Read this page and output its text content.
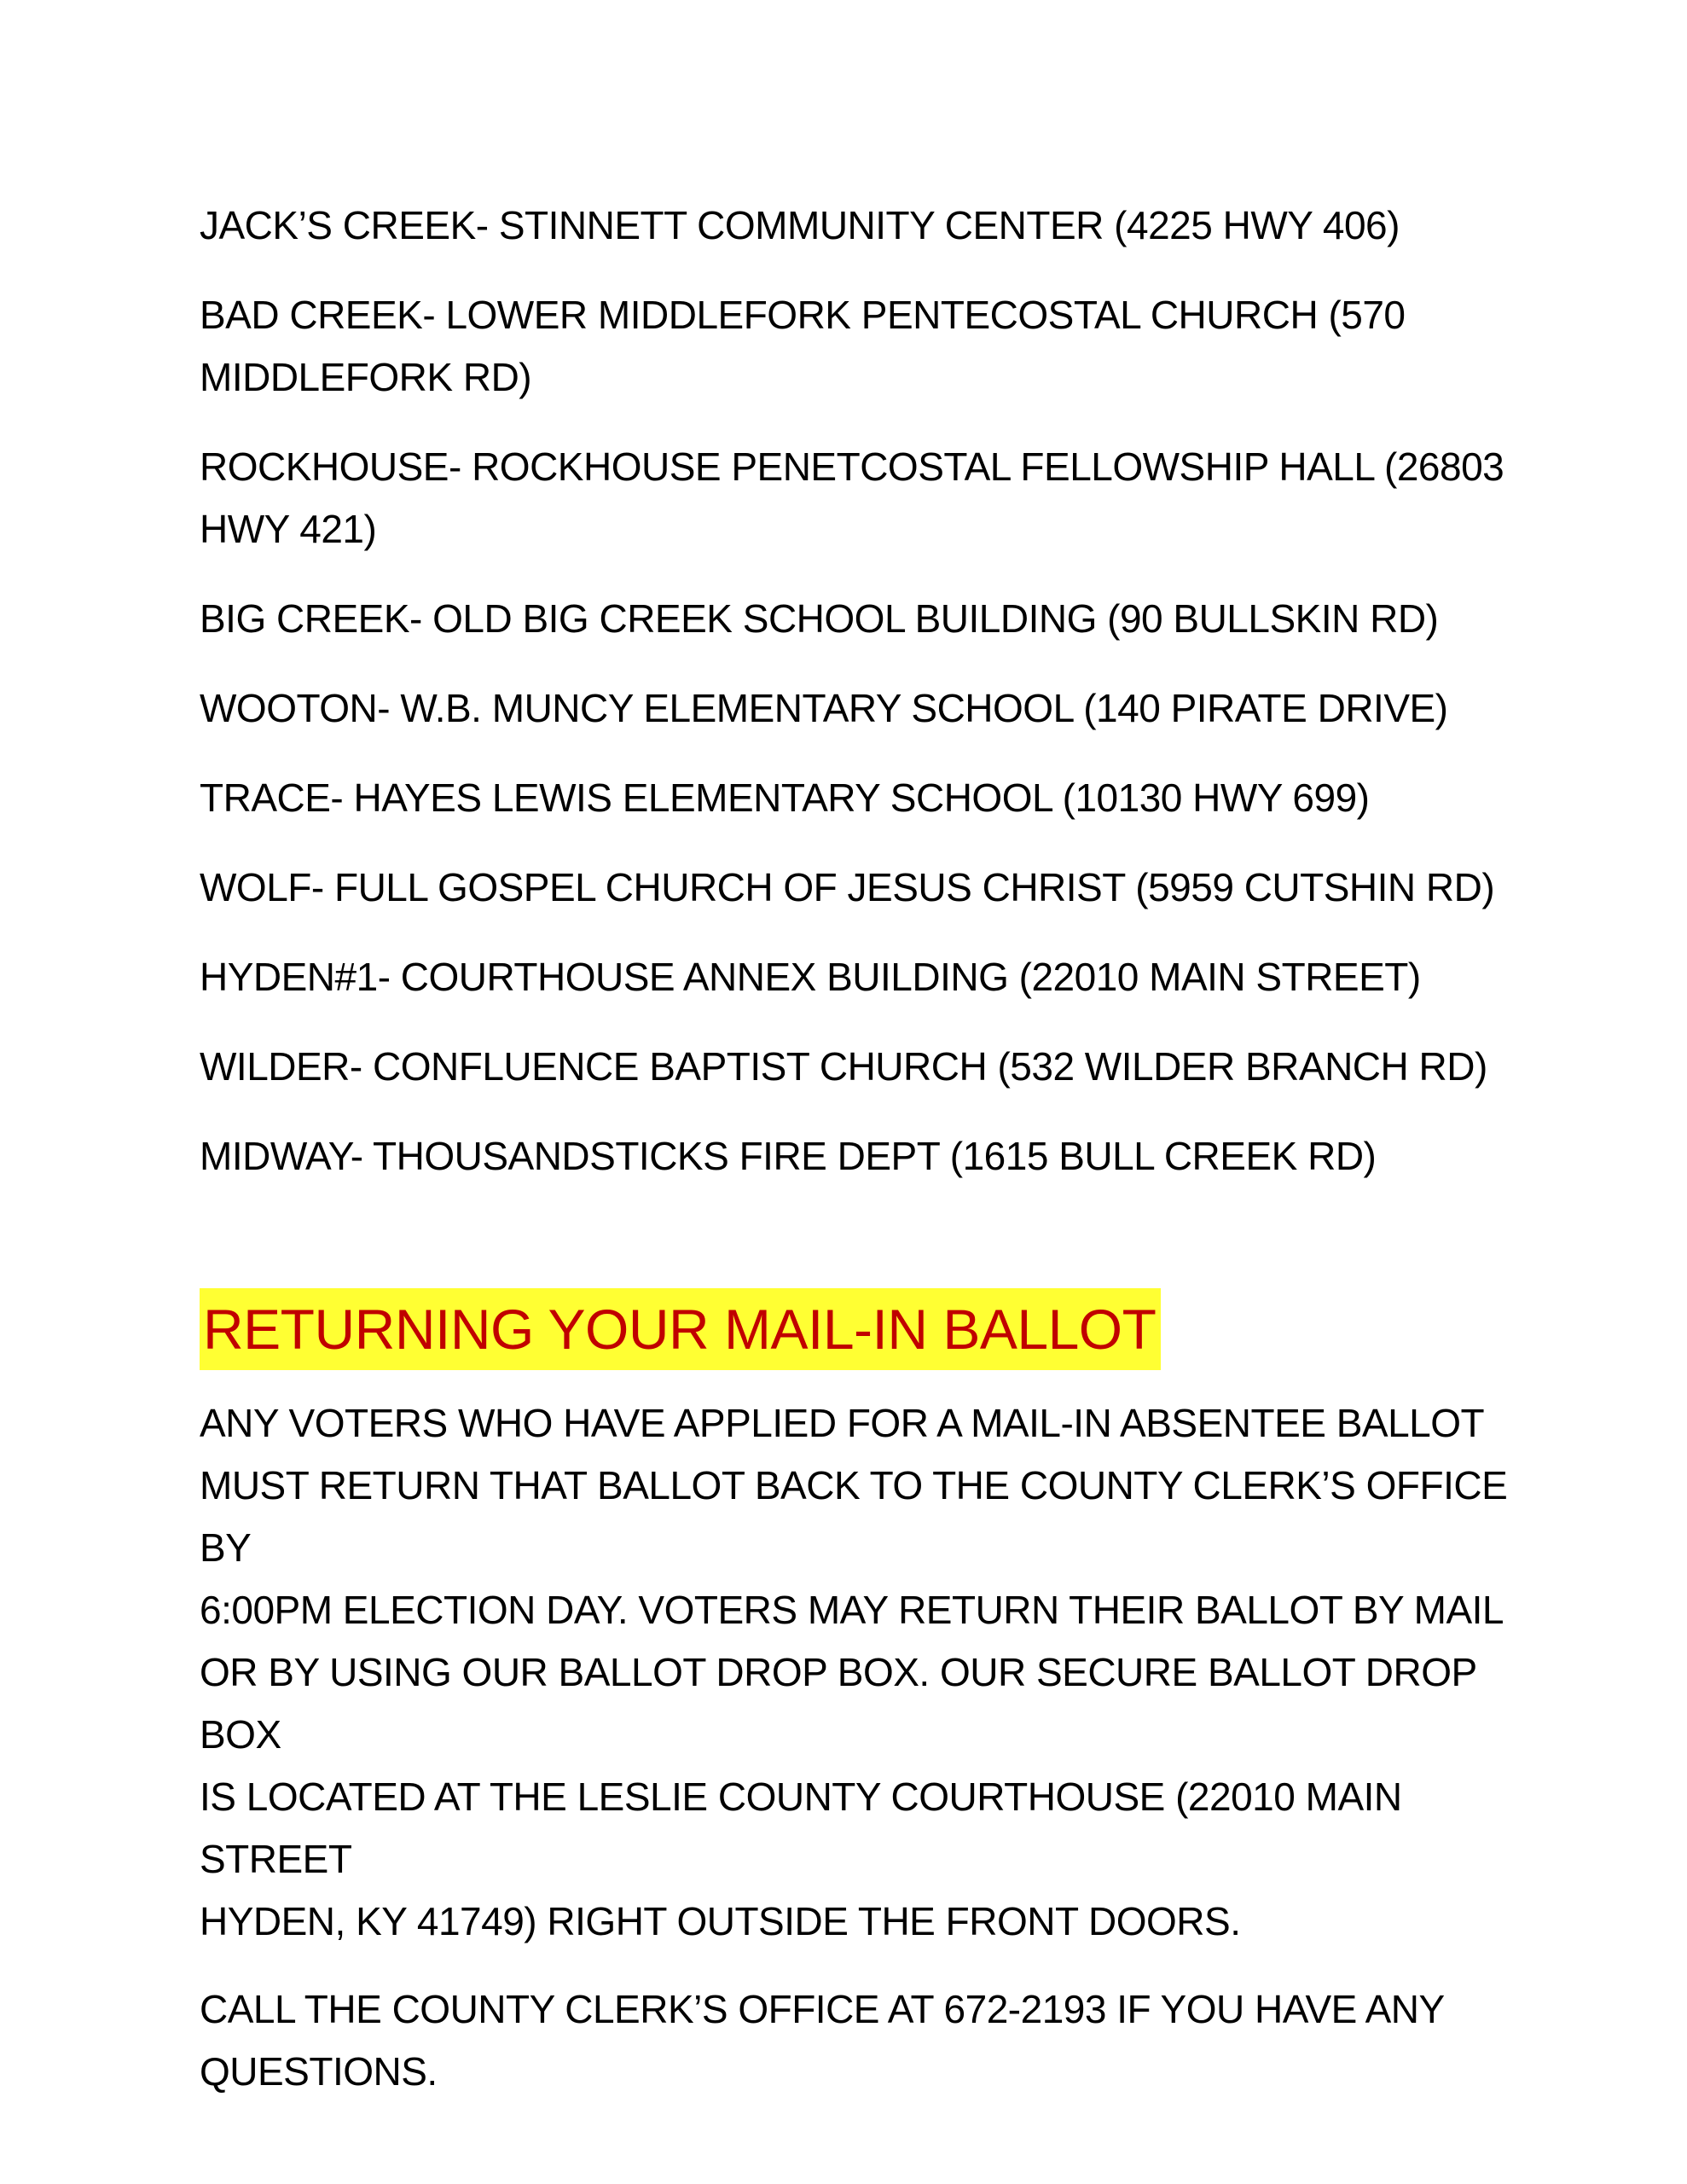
JACK’S CREEK- STINNETT COMMUNITY CENTER (4225 HWY 406)

BAD CREEK- LOWER MIDDLEFORK PENTECOSTAL CHURCH (570
MIDDLEFORK RD)

ROCKHOUSE- ROCKHOUSE PENETCOSTAL FELLOWSHIP HALL (26803
HWY 421)

BIG CREEK- OLD BIG CREEK SCHOOL BUILDING (90 BULLSKIN RD)

WOOTON- W.B. MUNCY ELEMENTARY SCHOOL (140 PIRATE DRIVE)

TRACE- HAYES LEWIS ELEMENTARY SCHOOL (10130 HWY 699)

WOLF- FULL GOSPEL CHURCH OF JESUS CHRIST (5959 CUTSHIN RD)

HYDEN#1- COURTHOUSE ANNEX BUILDING (22010 MAIN STREET)

WILDER- CONFLUENCE BAPTIST CHURCH (532 WILDER BRANCH RD)

MIDWAY- THOUSANDSTICKS FIRE DEPT (1615 BULL CREEK RD)

RETURNING YOUR MAIL-IN BALLOT

ANY VOTERS WHO HAVE APPLIED FOR A MAIL-IN ABSENTEE BALLOT
MUST RETURN THAT BALLOT BACK TO THE COUNTY CLERK’S OFFICE BY
6:00PM ELECTION DAY. VOTERS MAY RETURN THEIR BALLOT BY MAIL
OR BY USING OUR BALLOT DROP BOX. OUR SECURE BALLOT DROP BOX
IS LOCATED AT THE LESLIE COUNTY COURTHOUSE (22010 MAIN STREET
HYDEN, KY 41749) RIGHT OUTSIDE THE FRONT DOORS.

CALL THE COUNTY CLERK’S OFFICE AT 672-2193 IF YOU HAVE ANY
QUESTIONS.
